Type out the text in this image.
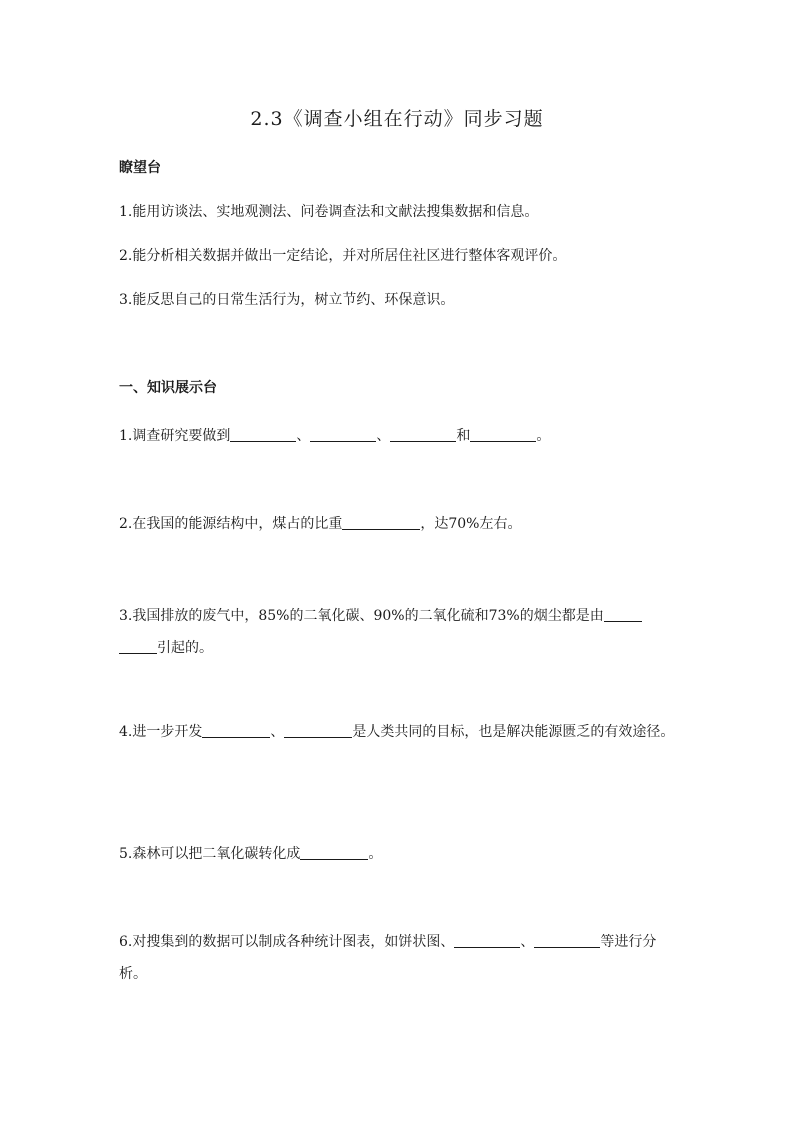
2.3《调查小组在行动》同步习题
瞭望台
1.能用访谈法、实地观测法、问卷调查法和文献法搜集数据和信息。
2.能分析相关数据并做出一定结论，并对所居住社区进行整体客观评价。
3.能反思自己的日常生活行为，树立节约、环保意识。
一、知识展示台
1.调查研究要做到	、	、	和	。
2.在我国的能源结构中，煤占的比重	，达70%左右。
3.我国排放的废气中，85%的二氧化碳、90%的二氧化硫和73%的烟尘都是由
引起的。
4.进一步开发	、	是人类共同的目标，也是解决能源匮乏的有效途径。
5.森林可以把二氧化碳转化成	。
6.对搜集到的数据可以制成各种统计图表，如饼状图、	、	等进行分析。
